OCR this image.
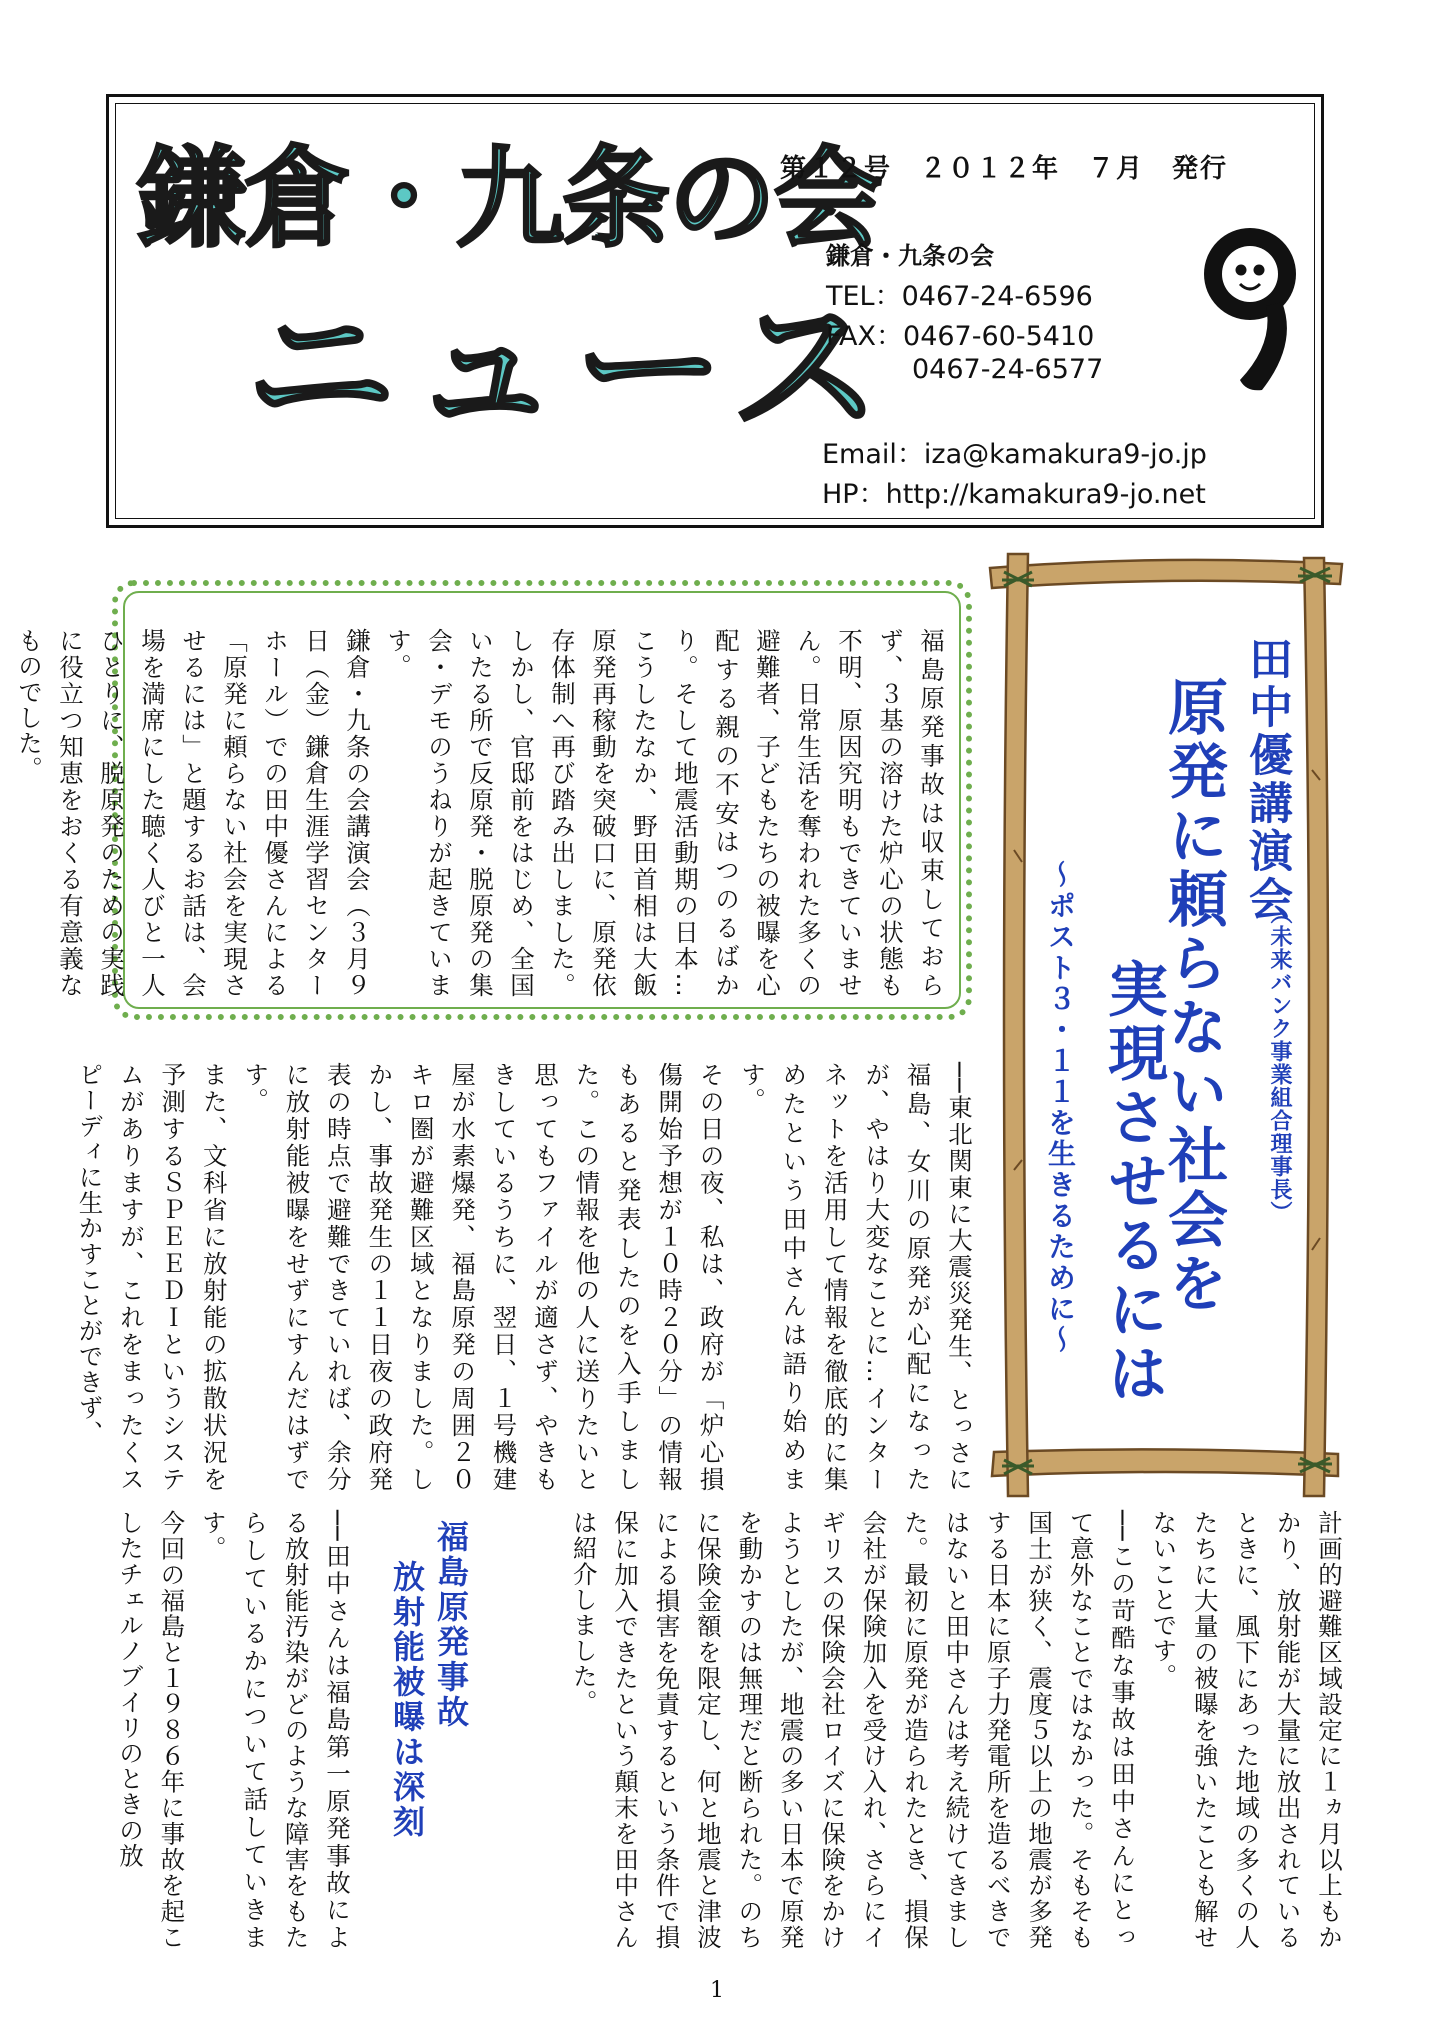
鎌倉・九条の会
ニュース
第１２号　２０１２年　７月　発行
鎌倉・九条の会
TEL：0467-24-6596
FAX：0467-60-5410
0467-24-6577
Email：iza@kamakura9-jo.jp
HP：http://kamakura9-jo.net
福島原発事故は収束しておらず、３基の溶けた炉心の状態も不明、原因究明もできていません。日常生活を奪われた多くの避難者、子どもたちの被曝を心配する親の不安はつのるばかり。そして地震活動期の日本…こうしたなか、野田首相は大飯原発再稼動を突破口に、原発依存体制へ再び踏み出しました。しかし、官邸前をはじめ、全国いたる所で反原発・脱原発の集会・デモのうねりが起きています。
鎌倉・九条の会講演会（３月９日（金）鎌倉生涯学習センターホール）での田中優さんによる「原発に頼らない社会を実現させるには」と題するお話は、会場を満席にした聴く人びと一人ひとりに、脱原発のための実践に役立つ知恵をおくる有意義なものでした。	田中優講演会
（未来バンク事業組合理事長）
原発に頼らない社会を
実現させるには
～ポスト３・１１を生きるために～
──東北関東に大震災発生、とっさに福島、女川の原発が心配になったが、やはり大変なことに…インターネットを活用して情報を徹底的に集めたという田中さんは語り始めます。
その日の夜、私は、政府が「炉心損傷開始予想が１０時２０分」の情報もあると発表したのを入手しました。この情報を他の人に送りたいと思ってもファイルが適さず、やきもきしているうちに、翌日、１号機建屋が水素爆発、福島原発の周囲２０キロ圏が避難区域となりました。しかし、事故発生の１１日夜の政府発表の時点で避難できていれば、余分に放射能被曝をせずにすんだはずです。
また、文科省に放射能の拡散状況を予測するＳＰＥＥＤＩというシステムがありますが、これをまったくスピーディに生かすことができず、
計画的避難区域設定に１ヵ月以上もかかり、放射能が大量に放出されているときに、風下にあった地域の多くの人たちに大量の被曝を強いたことも解せないことです。
──この苛酷な事故は田中さんにとって意外なことではなかった。そもそも国土が狭く、震度５以上の地震が多発する日本に原子力発電所を造るべきではないと田中さんは考え続けてきました。最初に原発が造られたとき、損保会社が保険加入を受け入れ、さらにイギリスの保険会社ロイズに保険をかけようとしたが、地震の多い日本で原発を動かすのは無理だと断られた。のちに保険金額を限定し、何と地震と津波による損害を免責するという条件で損保に加入できたという顛末を田中さんは紹介しました。
福島原発事故
放射能被曝は深刻
──田中さんは福島第一原発事故による放射能汚染がどのような障害をもたらしているかについて話していきます。
今回の福島と１９８６年に事故を起こしたチェルノブイリのときの放
1
